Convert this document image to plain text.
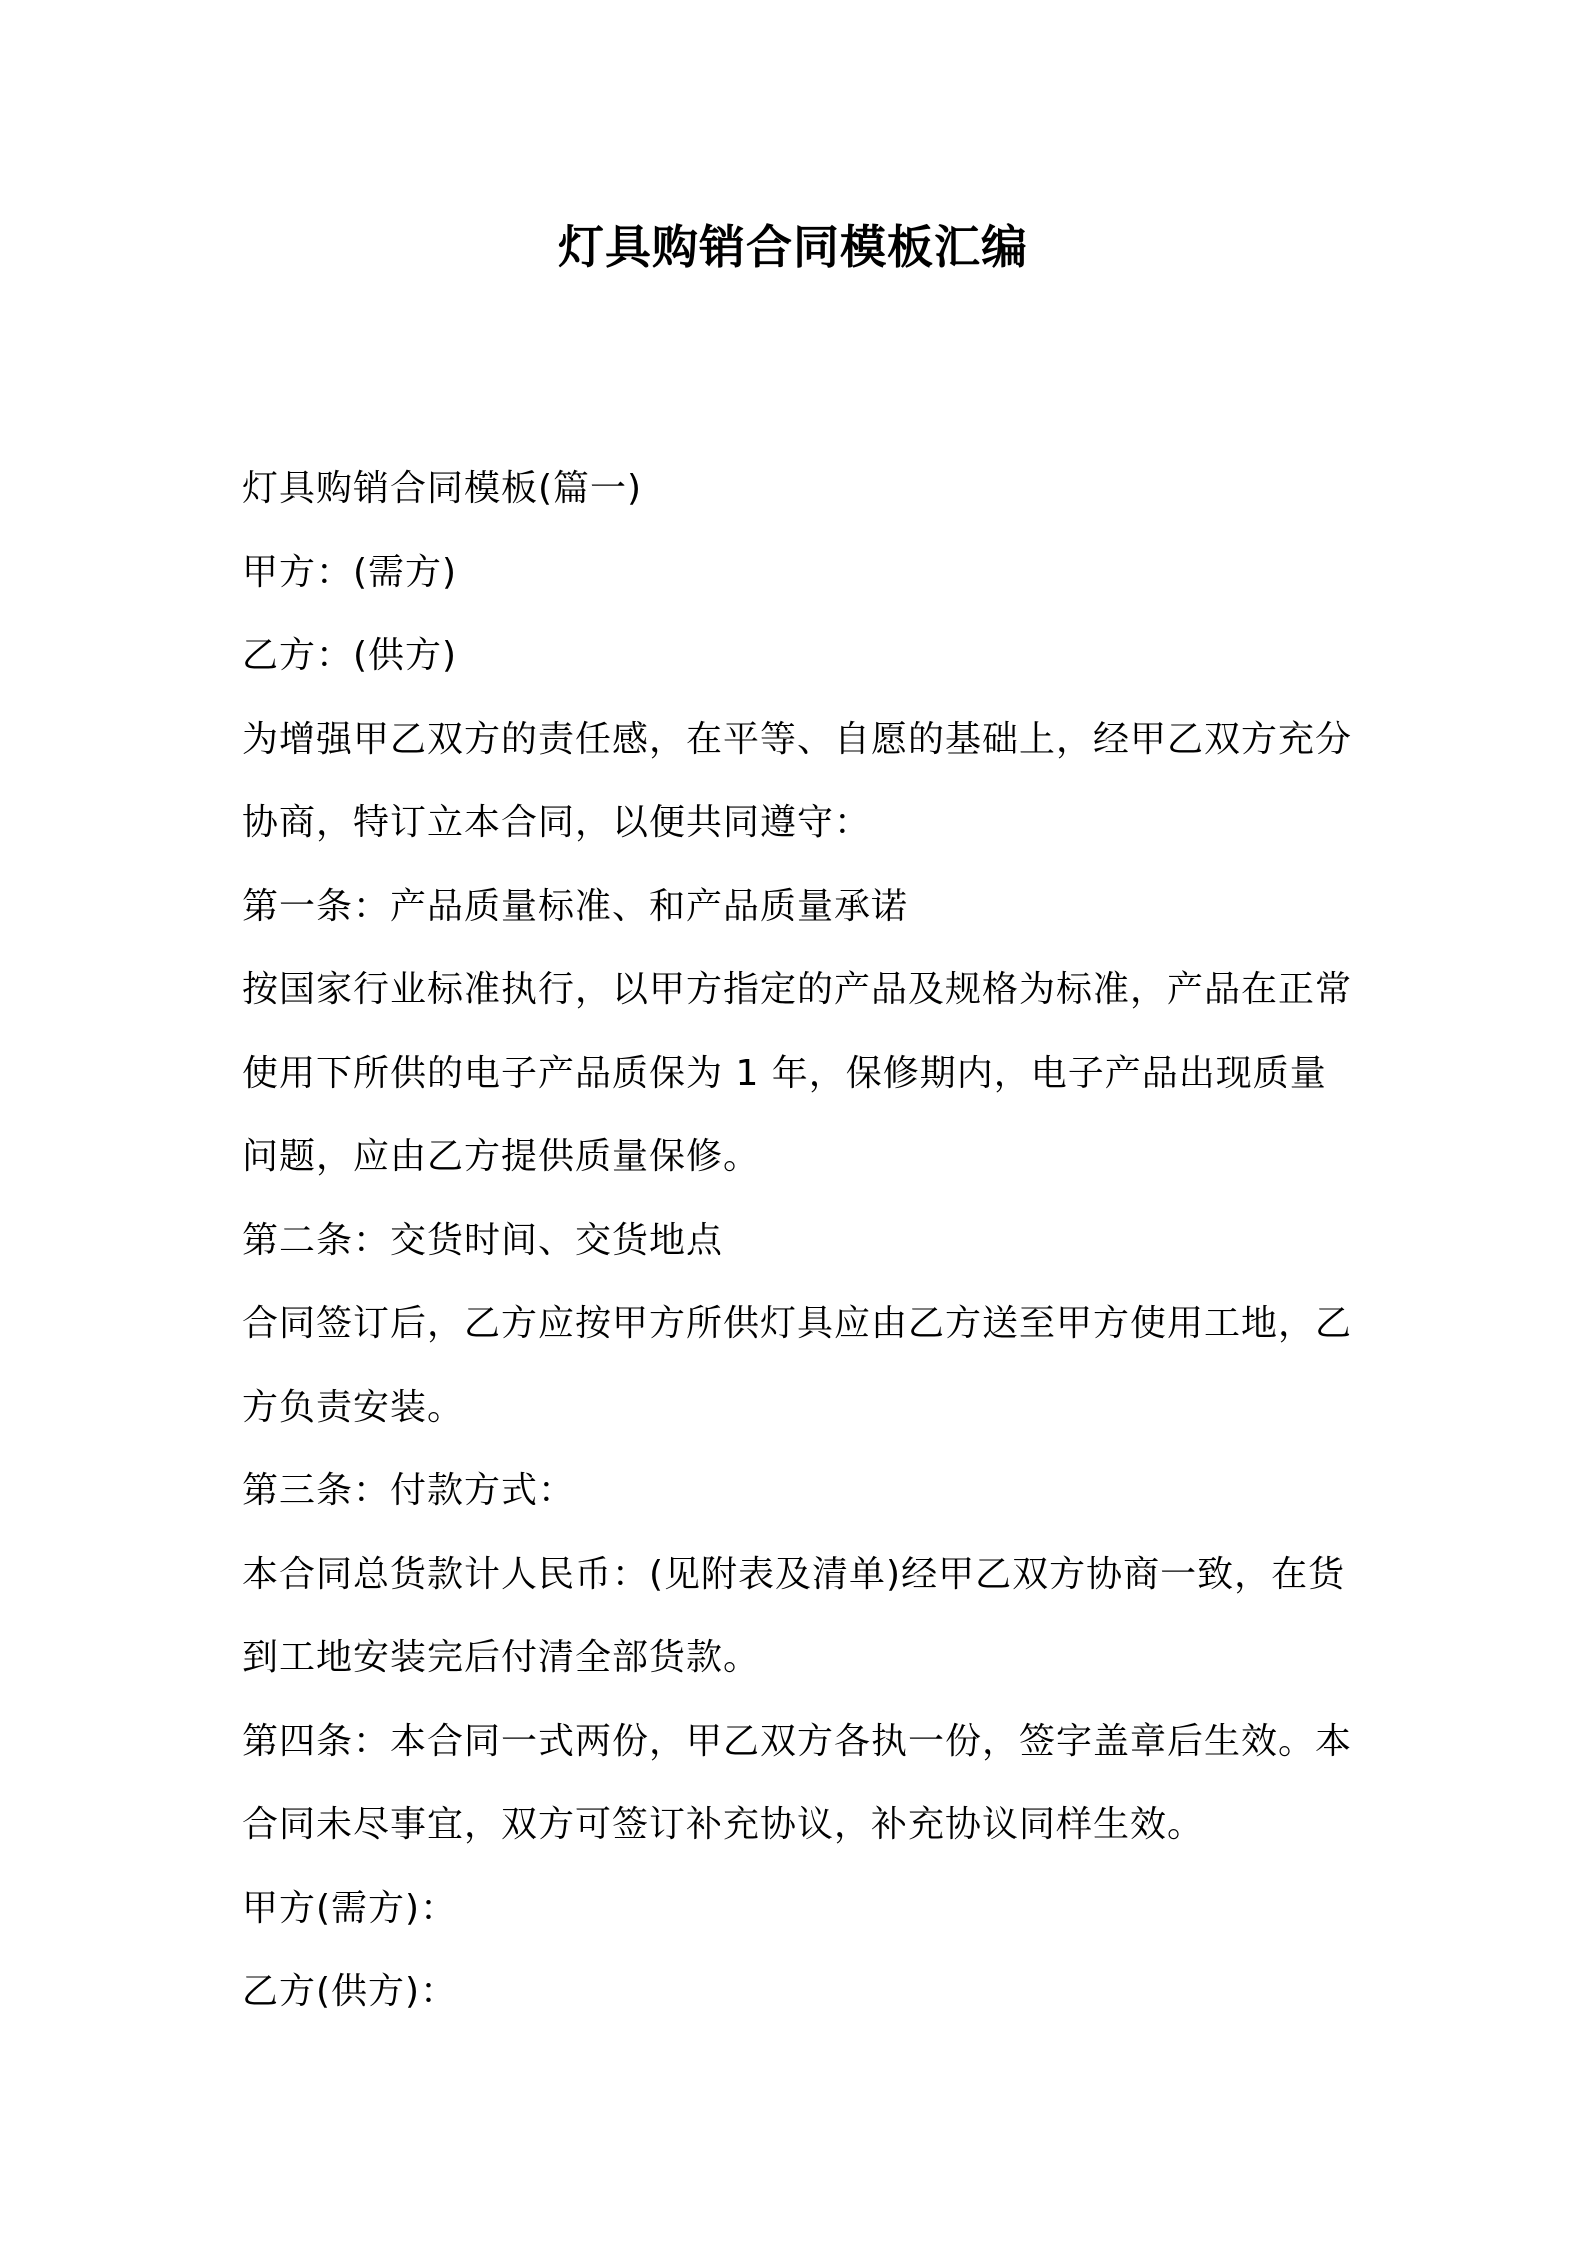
灯具购销合同模板汇编

灯具购销合同模板(篇一)

甲方：(需方)

乙方：(供方)

为增强甲乙双方的责任感，在平等、自愿的基础上，经甲乙双方充分协商，特订立本合同，以便共同遵守：

第一条：产品质量标准、和产品质量承诺

按国家行业标准执行，以甲方指定的产品及规格为标准，产品在正常使用下所供的电子产品质保为 1 年，保修期内，电子产品出现质量问题，应由乙方提供质量保修。

第二条：交货时间、交货地点

合同签订后，乙方应按甲方所供灯具应由乙方送至甲方使用工地，乙方负责安装。

第三条：付款方式：

本合同总货款计人民币：(见附表及清单)经甲乙双方协商一致，在货到工地安装完后付清全部货款。

第四条：本合同一式两份，甲乙双方各执一份，签字盖章后生效。本合同未尽事宜，双方可签订补充协议，补充协议同样生效。

甲方(需方)：

乙方(供方)：
